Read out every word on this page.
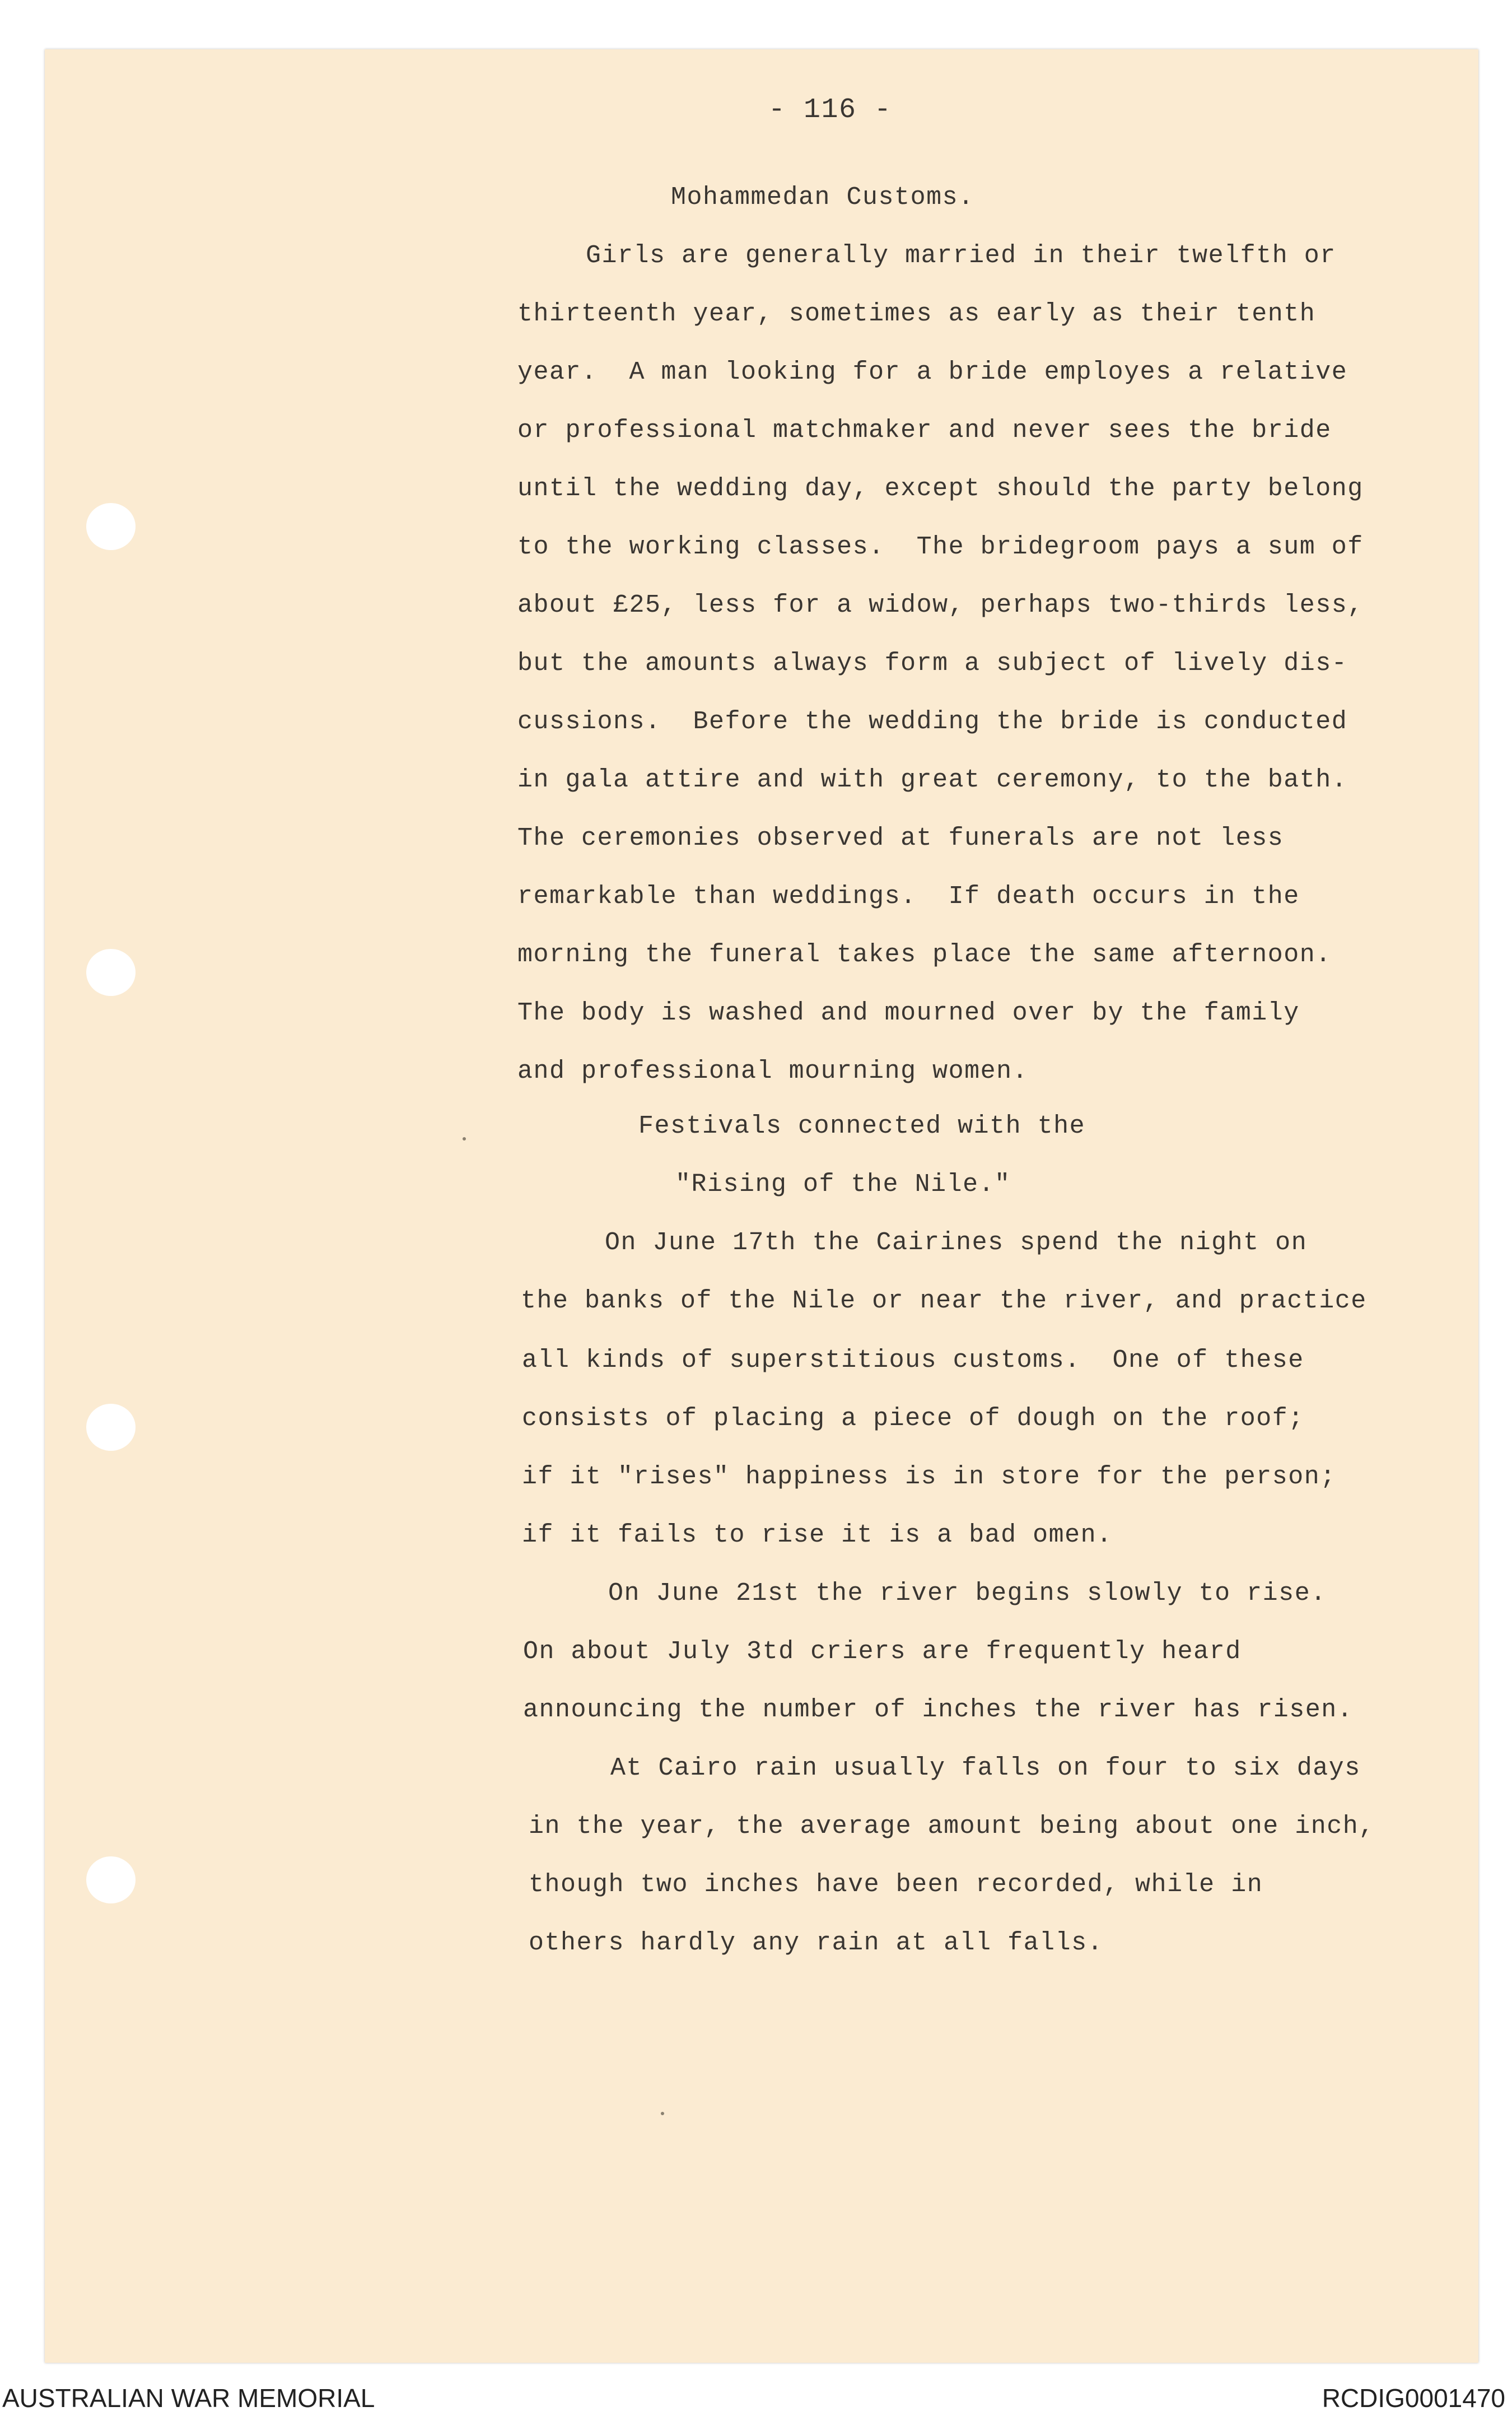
- 116 -
Mohammedan Customs.
Girls are generally married in their twelfth or
thirteenth year, sometimes as early as their tenth
year.  A man looking for a bride employes a relative
or professional matchmaker and never sees the bride
until the wedding day, except should the party belong
to the working classes.  The bridegroom pays a sum of
about £25, less for a widow, perhaps two-thirds less,
but the amounts always form a subject of lively dis-
cussions.  Before the wedding the bride is conducted
in gala attire and with great ceremony, to the bath.
The ceremonies observed at funerals are not less
remarkable than weddings.  If death occurs in the
morning the funeral takes place the same afternoon.
The body is washed and mourned over by the family
and professional mourning women.
Festivals connected with the
"Rising of the Nile."
On June 17th the Cairines spend the night on
the banks of the Nile or near the river, and practice
all kinds of superstitious customs.  One of these
consists of placing a piece of dough on the roof;
if it "rises" happiness is in store for the person;
if it fails to rise it is a bad omen.
On June 21st the river begins slowly to rise.
On about July 3td criers are frequently heard
announcing the number of inches the river has risen.
At Cairo rain usually falls on four to six days
in the year, the average amount being about one inch,
though two inches have been recorded, while in
others hardly any rain at all falls.
AUSTRALIAN WAR MEMORIAL	RCDIG0001470
